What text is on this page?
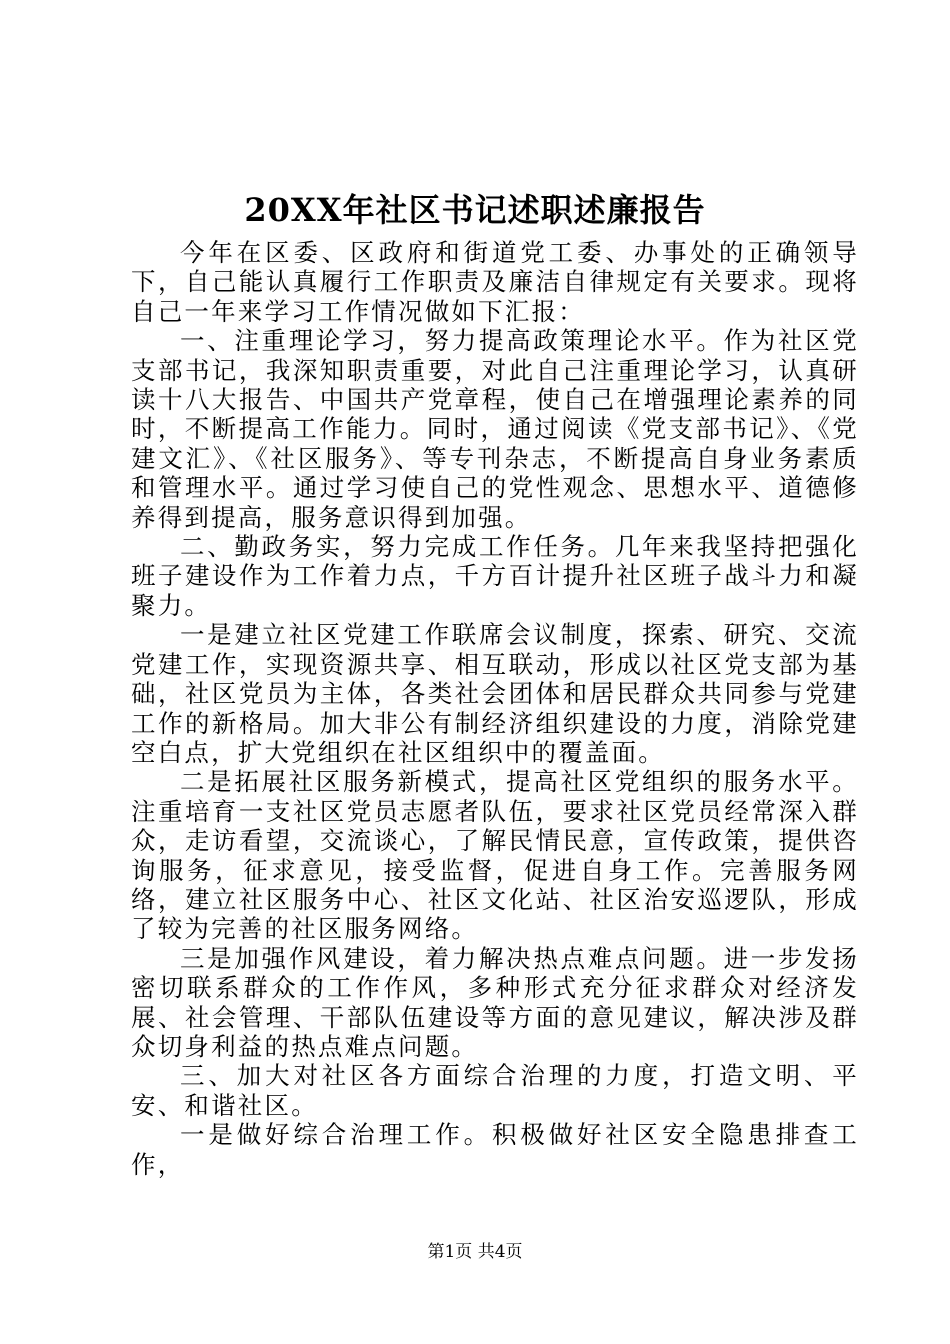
20XX年社区书记述职述廉报告

今年在区委、区政府和街道党工委、办事处的正确领导下，自己能认真履行工作职责及廉洁自律规定有关要求。现将自己一年来学习工作情况做如下汇报：

一、注重理论学习，努力提高政策理论水平。作为社区党支部书记，我深知职责重要，对此自己注重理论学习，认真研读十八大报告、中国共产党章程，使自己在增强理论素养的同时，不断提高工作能力。同时，通过阅读《党支部书记》、《党建文汇》、《社区服务》、等专刊杂志，不断提高自身业务素质和管理水平。通过学习使自己的党性观念、思想水平、道德修养得到提高，服务意识得到加强。

二、勤政务实，努力完成工作任务。几年来我坚持把强化班子建设作为工作着力点，千方百计提升社区班子战斗力和凝聚力。

一是建立社区党建工作联席会议制度，探索、研究、交流党建工作，实现资源共享、相互联动，形成以社区党支部为基础，社区党员为主体，各类社会团体和居民群众共同参与党建工作的新格局。加大非公有制经济组织建设的力度，消除党建空白点，扩大党组织在社区组织中的覆盖面。

二是拓展社区服务新模式，提高社区党组织的服务水平。注重培育一支社区党员志愿者队伍，要求社区党员经常深入群众，走访看望，交流谈心，了解民情民意，宣传政策，提供咨询服务，征求意见，接受监督，促进自身工作。完善服务网络，建立社区服务中心、社区文化站、社区治安巡逻队，形成了较为完善的社区服务网络。

三是加强作风建设，着力解决热点难点问题。进一步发扬密切联系群众的工作作风，多种形式充分征求群众对经济发展、社会管理、干部队伍建设等方面的意见建议，解决涉及群众切身利益的热点难点问题。

三、加大对社区各方面综合治理的力度，打造文明、平安、和谐社区。

一是做好综合治理工作。积极做好社区安全隐患排查工作，

第1页 共4页
